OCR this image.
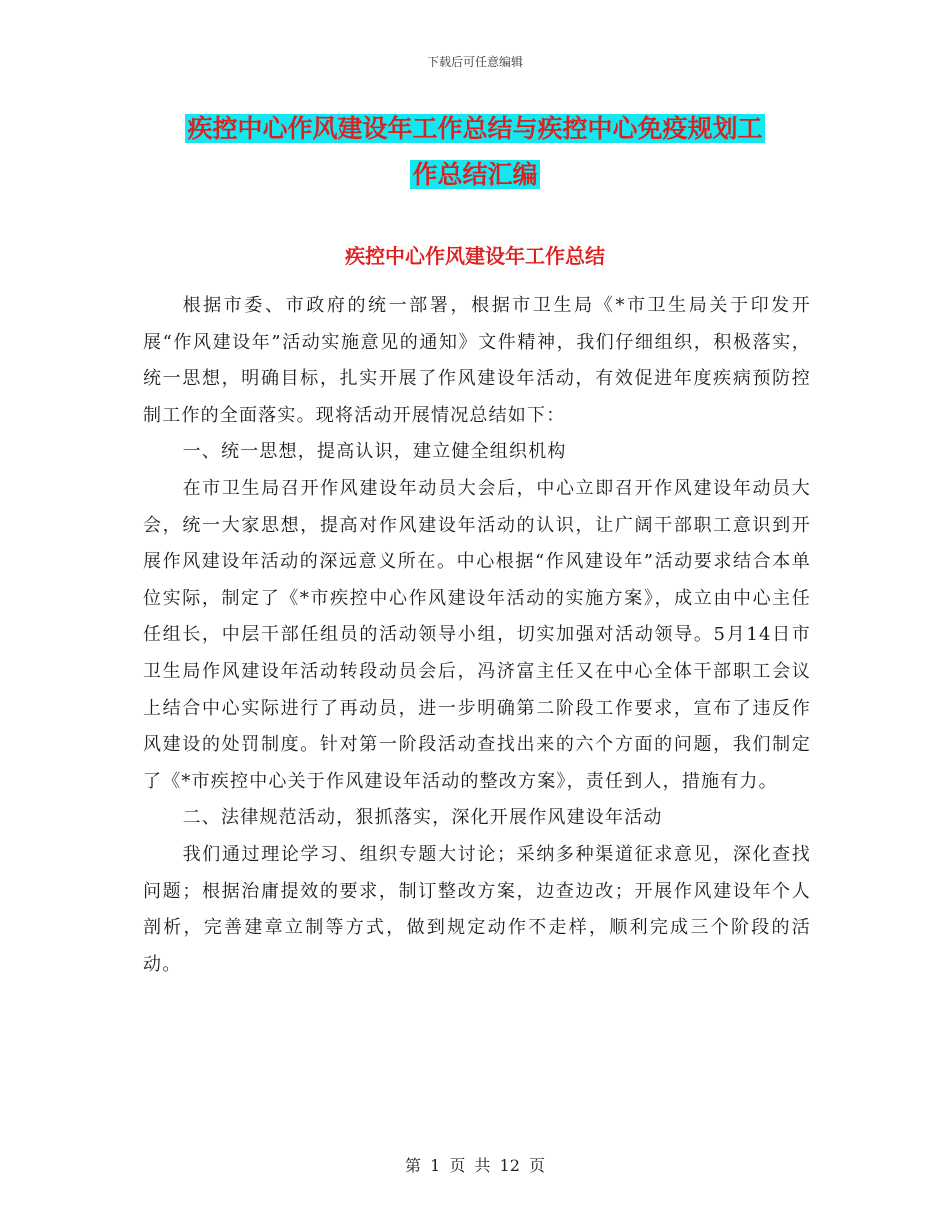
下载后可任意编辑
疾控中心作风建设年工作总结与疾控中心免疫规划工
作总结汇编
疾控中心作风建设年工作总结

根据市委、市政府的统一部署，根据市卫生局《*市卫生局关于印发开展“作风建设年”活动实施意见的通知》文件精神，我们仔细组织，积极落实，统一思想，明确目标，扎实开展了作风建设年活动，有效促进年度疾病预防控制工作的全面落实。现将活动开展情况总结如下：

一、统一思想，提高认识，建立健全组织机构

在市卫生局召开作风建设年动员大会后，中心立即召开作风建设年动员大会，统一大家思想，提高对作风建设年活动的认识，让广阔干部职工意识到开展作风建设年活动的深远意义所在。中心根据“作风建设年”活动要求结合本单位实际，制定了《*市疾控中心作风建设年活动的实施方案》，成立由中心主任任组长，中层干部任组员的活动领导小组，切实加强对活动领导。5月14日市卫生局作风建设年活动转段动员会后，冯济富主任又在中心全体干部职工会议上结合中心实际进行了再动员，进一步明确第二阶段工作要求，宣布了违反作风建设的处罚制度。针对第一阶段活动查找出来的六个方面的问题，我们制定了《*市疾控中心关于作风建设年活动的整改方案》，责任到人，措施有力。

二、法律规范活动，狠抓落实，深化开展作风建设年活动

我们通过理论学习、组织专题大讨论；采纳多种渠道征求意见，深化查找问题；根据治庸提效的要求，制订整改方案，边查边改；开展作风建设年个人剖析，完善建章立制等方式，做到规定动作不走样，顺利完成三个阶段的活动。

第 1 页 共 12 页
